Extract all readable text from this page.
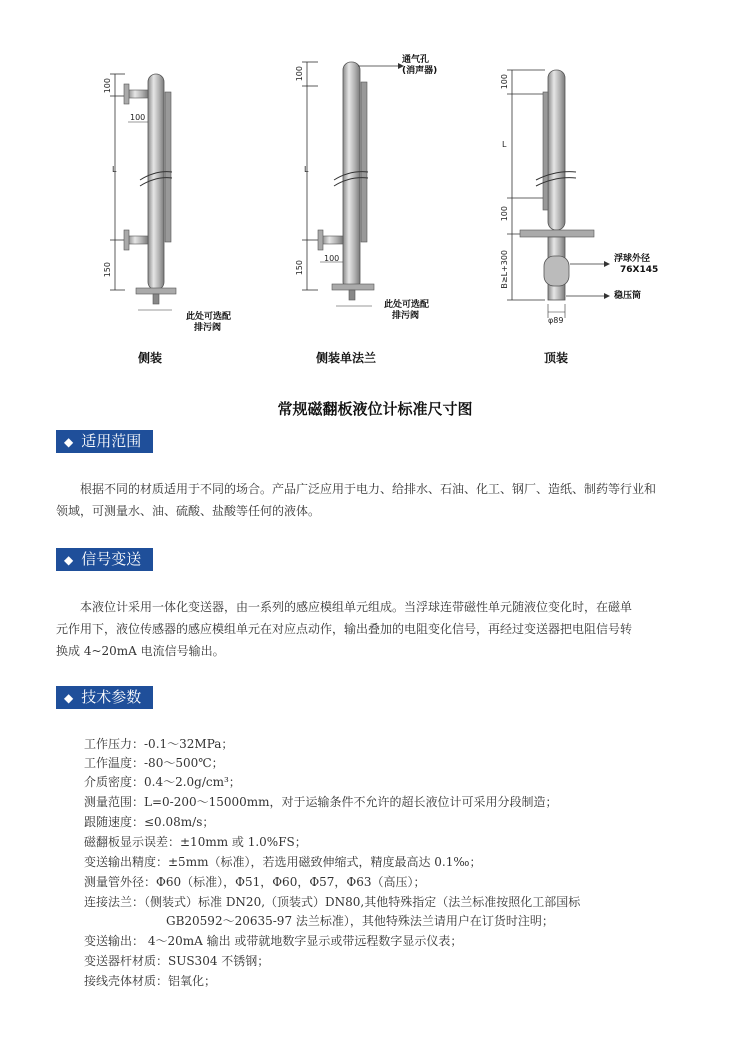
100
100
L
150
此处可选配
排污阀
侧装
100
100
L
150
通气孔
(消声器)
此处可选配
排污阀
侧装单法兰
100
L
100
B≥L+300
φ89
浮球外径
76X145
稳压筒
顶装
常规磁翻板液位计标准尺寸图
◆ 适用范围
根据不同的材质适用于不同的场合。产品广泛应用于电力、给排水、石油、化工、钢厂、造纸、制药等行业和
领域，可测量水、油、硫酸、盐酸等任何的液体。
◆ 信号变送
本液位计采用一体化变送器，由一系列的感应模组单元组成。当浮球连带磁性单元随液位变化时，在磁单
元作用下，液位传感器的感应模组单元在对应点动作，输出叠加的电阻变化信号，再经过变送器把电阻信号转
换成 4~20mA 电流信号输出。
◆ 技术参数
工作压力：-0.1～32MPa；
工作温度：-80～500℃；
介质密度：0.4～2.0g/cm³；
测量范围：L=0-200～15000mm，对于运输条件不允许的超长液位计可采用分段制造；
跟随速度：≤0.08m/s；
磁翻板显示误差：±10mm 或 1.0%FS；
变送输出精度：±5mm（标准），若选用磁致伸缩式，精度最高达 0.1‰；
测量管外径：Φ60（标准），Φ51，Φ60，Φ57，Φ63（高压）；
连接法兰：（侧装式）标准 DN20,（顶装式）DN80,其他特殊指定（法兰标准按照化工部国标
GB20592～20635-97 法兰标准），其他特殊法兰请用户在订货时注明；
变送输出： 4～20mA 输出 或带就地数字显示或带远程数字显示仪表；
变送器杆材质：SUS304 不锈钢；
接线壳体材质：铝氧化；
